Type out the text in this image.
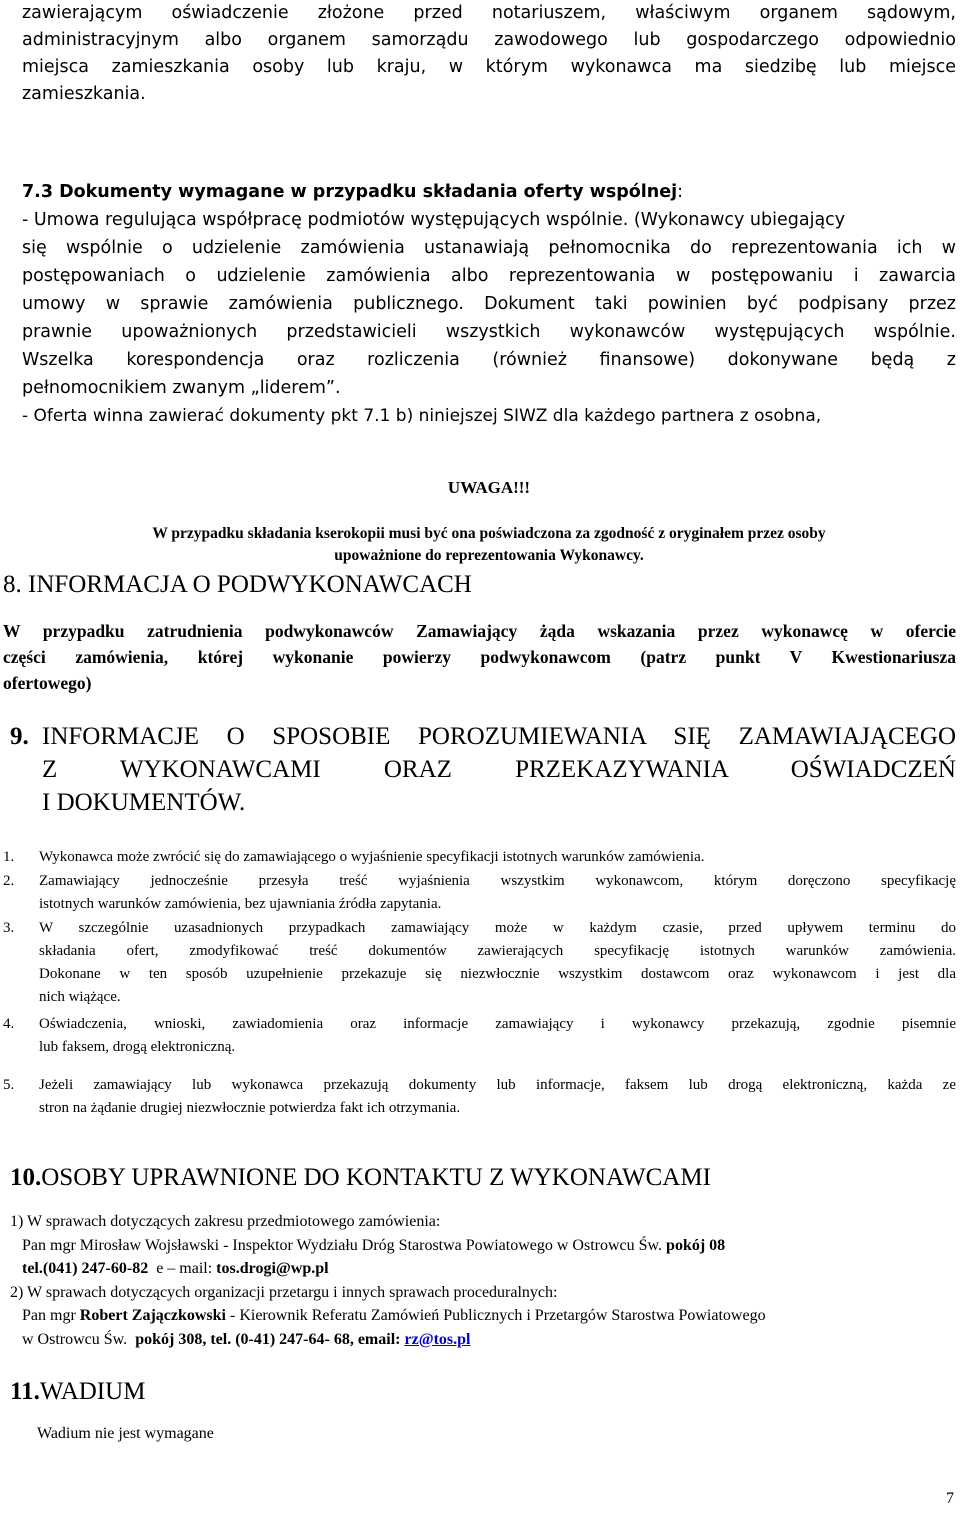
zawierającym oświadczenie złożone przed notariuszem, właściwym organem sądowym,
administracyjnym albo organem samorządu zawodowego lub gospodarczego odpowiednio
miejsca zamieszkania osoby lub kraju, w którym wykonawca ma siedzibę lub miejsce
zamieszkania.
7.3 Dokumenty wymagane w przypadku składania oferty wspólnej:
- Umowa regulująca współpracę podmiotów występujących wspólnie. (Wykonawcy ubiegający
się wspólnie o udzielenie zamówienia ustanawiają pełnomocnika do reprezentowania ich w
postępowaniach o udzielenie zamówienia albo reprezentowania w postępowaniu i zawarcia
umowy w sprawie zamówienia publicznego. Dokument taki powinien być podpisany przez
prawnie upoważnionych przedstawicieli wszystkich wykonawców występujących wspólnie.
Wszelka korespondencja oraz rozliczenia (również finansowe) dokonywane będą z
pełnomocnikiem zwanym „liderem”.
- Oferta winna zawierać dokumenty pkt 7.1 b) niniejszej SIWZ dla każdego partnera z osobna,
UWAGA!!!
W przypadku składania kserokopii musi być ona poświadczona za zgodność z oryginałem przez osoby
upoważnione do reprezentowania Wykonawcy.
8. INFORMACJA O PODWYKONAWCACH
W przypadku zatrudnienia podwykonawców Zamawiający żąda wskazania przez wykonawcę w ofercie
części zamówienia, której wykonanie powierzy podwykonawcom (patrz punkt V Kwestionariusza
ofertowego)
9. INFORMACJE O SPOSOBIE POROZUMIEWANIA SIĘ ZAMAWIAJĄCEGO
Z WYKONAWCAMI ORAZ PRZEKAZYWANIA OŚWIADCZEŃ
I DOKUMENTÓW.
1. Wykonawca może zwrócić się do zamawiającego o wyjaśnienie specyfikacji istotnych warunków zamówienia.
2. Zamawiający jednocześnie przesyła treść wyjaśnienia wszystkim wykonawcom, którym doręczono specyfikację
istotnych warunków zamówienia, bez ujawniania źródła zapytania.
3. W szczególnie uzasadnionych przypadkach zamawiający może w każdym czasie, przed upływem terminu do
składania ofert, zmodyfikować treść dokumentów zawierających specyfikację istotnych warunków zamówienia.
Dokonane w ten sposób uzupełnienie przekazuje się niezwłocznie wszystkim dostawcom oraz wykonawcom i jest dla
nich wiążące.
4. Oświadczenia, wnioski, zawiadomienia oraz informacje zamawiający i wykonawcy przekazują, zgodnie pisemnie
lub faksem, drogą elektroniczną.
5. Jeżeli zamawiający lub wykonawca przekazują dokumenty lub informacje, faksem lub drogą elektroniczną, każda ze
stron na żądanie drugiej niezwłocznie potwierdza fakt ich otrzymania.
10.OSOBY UPRAWNIONE DO KONTAKTU Z WYKONAWCAMI
1) W sprawach dotyczących zakresu przedmiotowego zamówienia:
Pan mgr Mirosław Wojsławski - Inspektor Wydziału Dróg Starostwa Powiatowego w Ostrowcu Św. pokój 08
tel.(041) 247-60-82 e – mail: tos.drogi@wp.pl
2) W sprawach dotyczących organizacji przetargu i innych sprawach proceduralnych:
Pan mgr Robert Zajączkowski - Kierownik Referatu Zamówień Publicznych i Przetargów Starostwa Powiatowego
w Ostrowcu Św. pokój 308, tel. (0-41) 247-64- 68, email: rz@tos.pl
11.WADIUM
Wadium nie jest wymagane
7
